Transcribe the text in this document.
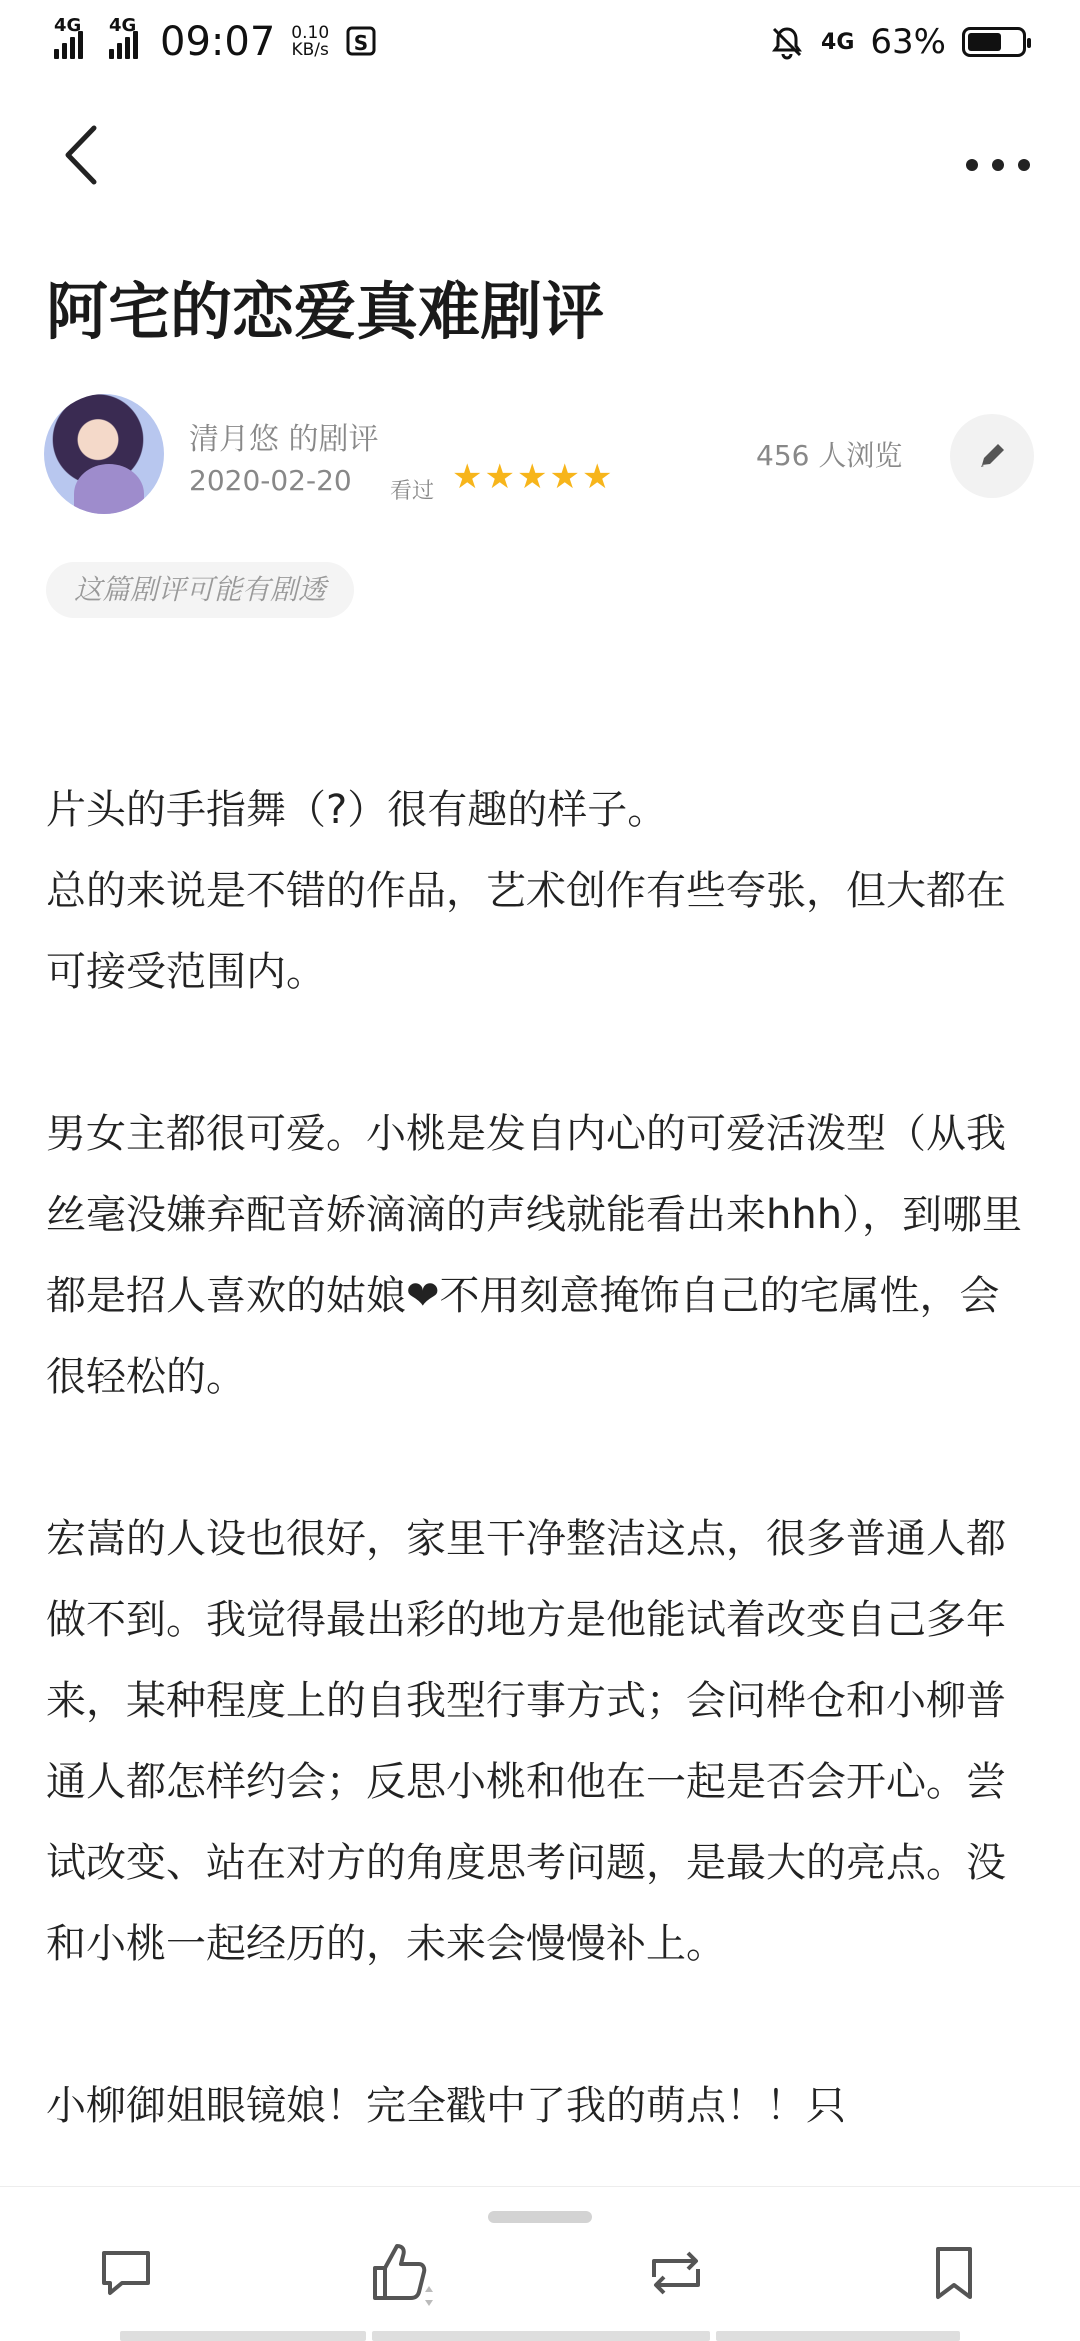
4G 4G 09:07 0.10
KB/s S	4G 63%
阿宅的恋爱真难剧评
清月悠 的剧评
2020-02-20 看过 ★ ★ ★ ★ ★
456 人浏览
这篇剧评可能有剧透

片头的手指舞（?）很有趣的样子。
总的来说是不错的作品，艺术创作有些夸张，但大都在可接受范围内。

男女主都很可爱。小桃是发自内心的可爱活泼型（从我丝毫没嫌弃配音娇滴滴的声线就能看出来hhh），到哪里都是招人喜欢的姑娘❤不用刻意掩饰自己的宅属性，会很轻松的。

宏嵩的人设也很好，家里干净整洁这点，很多普通人都做不到。我觉得最出彩的地方是他能试着改变自己多年来，某种程度上的自我型行事方式；会问桦仓和小柳普通人都怎样约会；反思小桃和他在一起是否会开心。尝试改变、站在对方的角度思考问题，是最大的亮点。没和小桃一起经历的，未来会慢慢补上。

小柳御姐眼镜娘！完全戳中了我的萌点！！只
